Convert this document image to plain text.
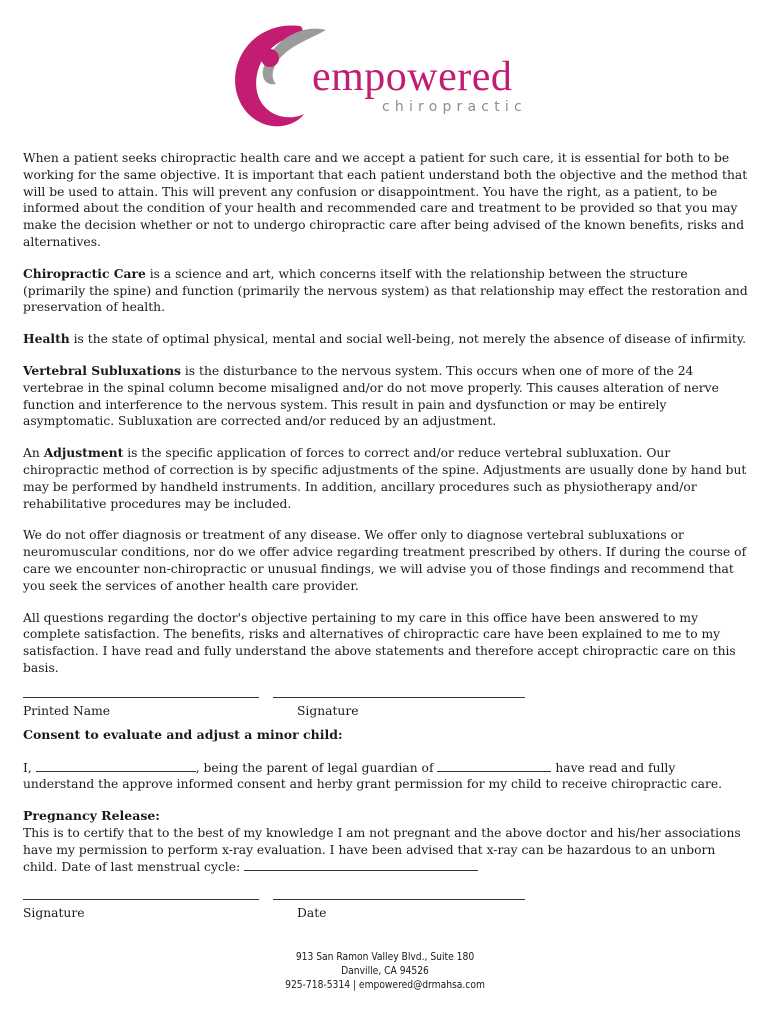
empowered
chiropractic

When a patient seeks chiropractic health care and we accept a patient for such care, it is essential for both to be working for the same objective. It is important that each patient understand both the objective and the method that will be used to attain. This will prevent any confusion or disappointment. You have the right, as a patient, to be informed about the condition of your health and recommended care and treatment to be provided so that you may make the decision whether or not to undergo chiropractic care after being advised of the known benefits, risks and alternatives.

Chiropractic Care is a science and art, which concerns itself with the relationship between the structure (primarily the spine) and function (primarily the nervous system) as that relationship may effect the restoration and preservation of health.

Health is the state of optimal physical, mental and social well-being, not merely the absence of disease of infirmity.

Vertebral Subluxations is the disturbance to the nervous system. This occurs when one of more of the 24 vertebrae in the spinal column become misaligned and/or do not move properly. This causes alteration of nerve function and interference to the nervous system. This result in pain and dysfunction or may be entirely asymptomatic. Subluxation are corrected and/or reduced by an adjustment.

An Adjustment is the specific application of forces to correct and/or reduce vertebral subluxation. Our chiropractic method of correction is by specific adjustments of the spine. Adjustments are usually done by hand but may be performed by handheld instruments. In addition, ancillary procedures such as physiotherapy and/or rehabilitative procedures may be included.

We do not offer diagnosis or treatment of any disease. We offer only to diagnose vertebral subluxations or neuromuscular conditions, nor do we offer advice regarding treatment prescribed by others. If during the course of care we encounter non-chiropractic or unusual findings, we will advise you of those findings and recommend that you seek the services of another health care provider.

All questions regarding the doctor's objective pertaining to my care in this office have been answered to my complete satisfaction. The benefits, risks and alternatives of chiropractic care have been explained to me to my satisfaction. I have read and fully understand the above statements and therefore accept chiropractic care on this basis.

Printed Name	Signature
Consent to evaluate and adjust a minor child:

I,	, being the parent of legal guardian of	have read and fully understand the approve informed consent and herby grant permission for my child to receive chiropractic care.

Pregnancy Release:

This is to certify that to the best of my knowledge I am not pregnant and the above doctor and his/her associations have my permission to perform x-ray evaluation. I have been advised that x-ray can be hazardous to an unborn child. Date of last menstrual cycle:

Signature	Date
913 San Ramon Valley Blvd., Suite 180
Danville, CA 94526
925-718-5314 | empowered@drmahsa.com
